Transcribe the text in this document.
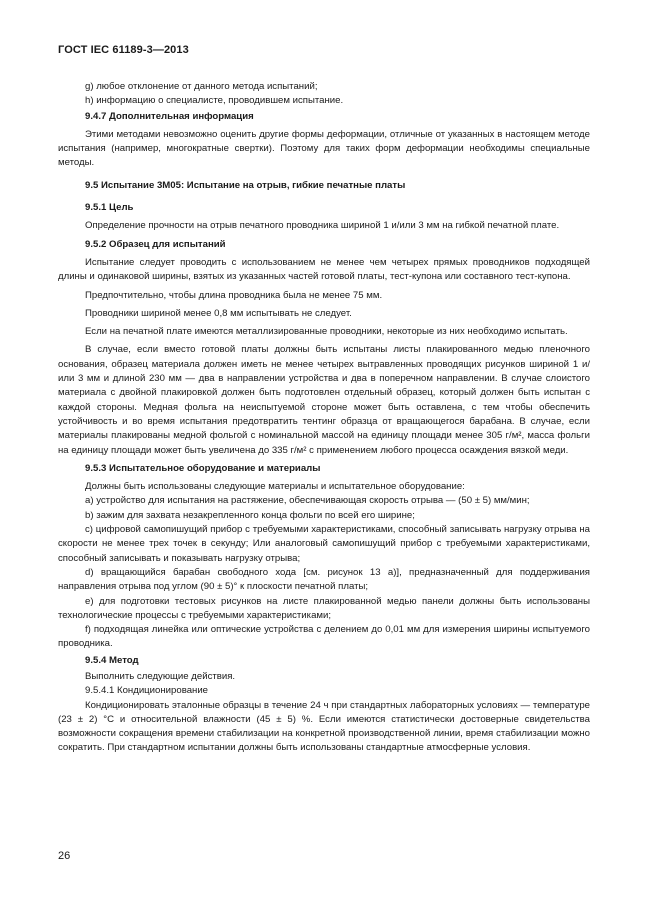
ГОСТ IEC 61189-3—2013

g) любое отклонение от данного метода испытаний;

h) информацию о специалисте, проводившем испытание.

9.4.7 Дополнительная информация

Этими методами невозможно оценить другие формы деформации, отличные от указанных в настоящем методе испытания (например, многократные свертки). Поэтому для таких форм деформации необходимы специальные методы.

9.5 Испытание 3M05: Испытание на отрыв, гибкие печатные платы

9.5.1 Цель

Определение прочности на отрыв печатного проводника шириной 1 и/или 3 мм на гибкой печатной плате.

9.5.2 Образец для испытаний

Испытание следует проводить с использованием не менее чем четырех прямых проводников подходящей длины и одинаковой ширины, взятых из указанных частей готовой платы, тест-купона или составного тест-купона.

Предпочтительно, чтобы длина проводника была не менее 75 мм.

Проводники шириной менее 0,8 мм испытывать не следует.

Если на печатной плате имеются металлизированные проводники, некоторые из них необходимо испытать.

В случае, если вместо готовой платы должны быть испытаны листы плакированного медью пленочного основания, образец материала должен иметь не менее четырех вытравленных проводящих рисунков шириной 1 и/или 3 мм и длиной 230 мм — два в направлении устройства и два в поперечном направлении. В случае слоистого материала с двойной плакировкой должен быть подготовлен отдельный образец, который должен быть испытан с каждой стороны. Медная фольга на неиспытуемой стороне может быть оставлена, с тем чтобы обеспечить устойчивость и во время испытания предотвратить тентинг образца от вращающегося барабана. В случае, если материалы плакированы медной фольгой с номинальной массой на единицу площади менее 305 г/м², масса фольги на единицу площади может быть увеличена до 335 г/м² с применением любого процесса осаждения вязкой меди.

9.5.3 Испытательное оборудование и материалы

Должны быть использованы следующие материалы и испытательное оборудование:

a) устройство для испытания на растяжение, обеспечивающая скорость отрыва — (50 ± 5) мм/мин;

b) зажим для захвата незакрепленного конца фольги по всей его ширине;

c) цифровой самопишущий прибор с требуемыми характеристиками, способный записывать нагрузку отрыва на скорости не менее трех точек в секунду; Или аналоговый самопишущий прибор с требуемыми характеристиками, способный записывать и показывать нагрузку отрыва;

d) вращающийся барабан свободного хода [см. рисунок 13 а)], предназначенный для поддерживания направления отрыва под углом (90 ± 5)° к плоскости печатной платы;

e) для подготовки тестовых рисунков на листе плакированной медью панели должны быть использованы технологические процессы с требуемыми характеристиками;

f) подходящая линейка или оптические устройства с делением до 0,01 мм для измерения ширины испытуемого проводника.

9.5.4 Метод

Выполнить следующие действия.

9.5.4.1 Кондиционирование

Кондиционировать эталонные образцы в течение 24 ч при стандартных лабораторных условиях — температуре (23 ± 2) °С и относительной влажности (45 ± 5) %. Если имеются статистически достоверные свидетельства возможности сокращения времени стабилизации на конкретной производственной линии, время стабилизации можно сократить. При стандартном испытании должны быть использованы стандартные атмосферные условия.

26
